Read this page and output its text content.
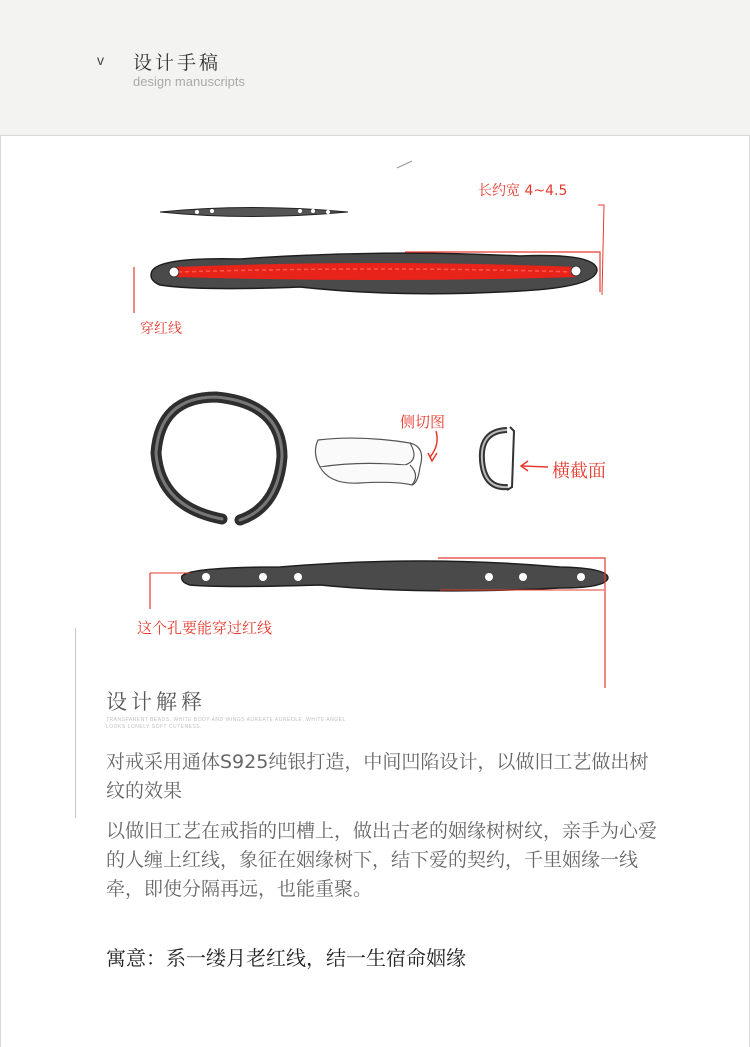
v 设计手稿
design manuscripts
长约宽 4~4.5
穿红线
侧切图
横截面
这个孔要能穿过红线
设计解释
TRANSPARENT BEADS, WHITE BODY AND WINGS AUREATE AUREOLE, WHITE ANGEL LOOKS LONELY SOFT CUTENESS.
对戒采用通体S925纯银打造，中间凹陷设计，以做旧工艺做出树纹的效果
以做旧工艺在戒指的凹槽上，做出古老的姻缘树树纹，亲手为心爱的人缠上红线，象征在姻缘树下，结下爱的契约，千里姻缘一线牵，即使分隔再远，也能重聚。
寓意：系一缕月老红线，结一生宿命姻缘
